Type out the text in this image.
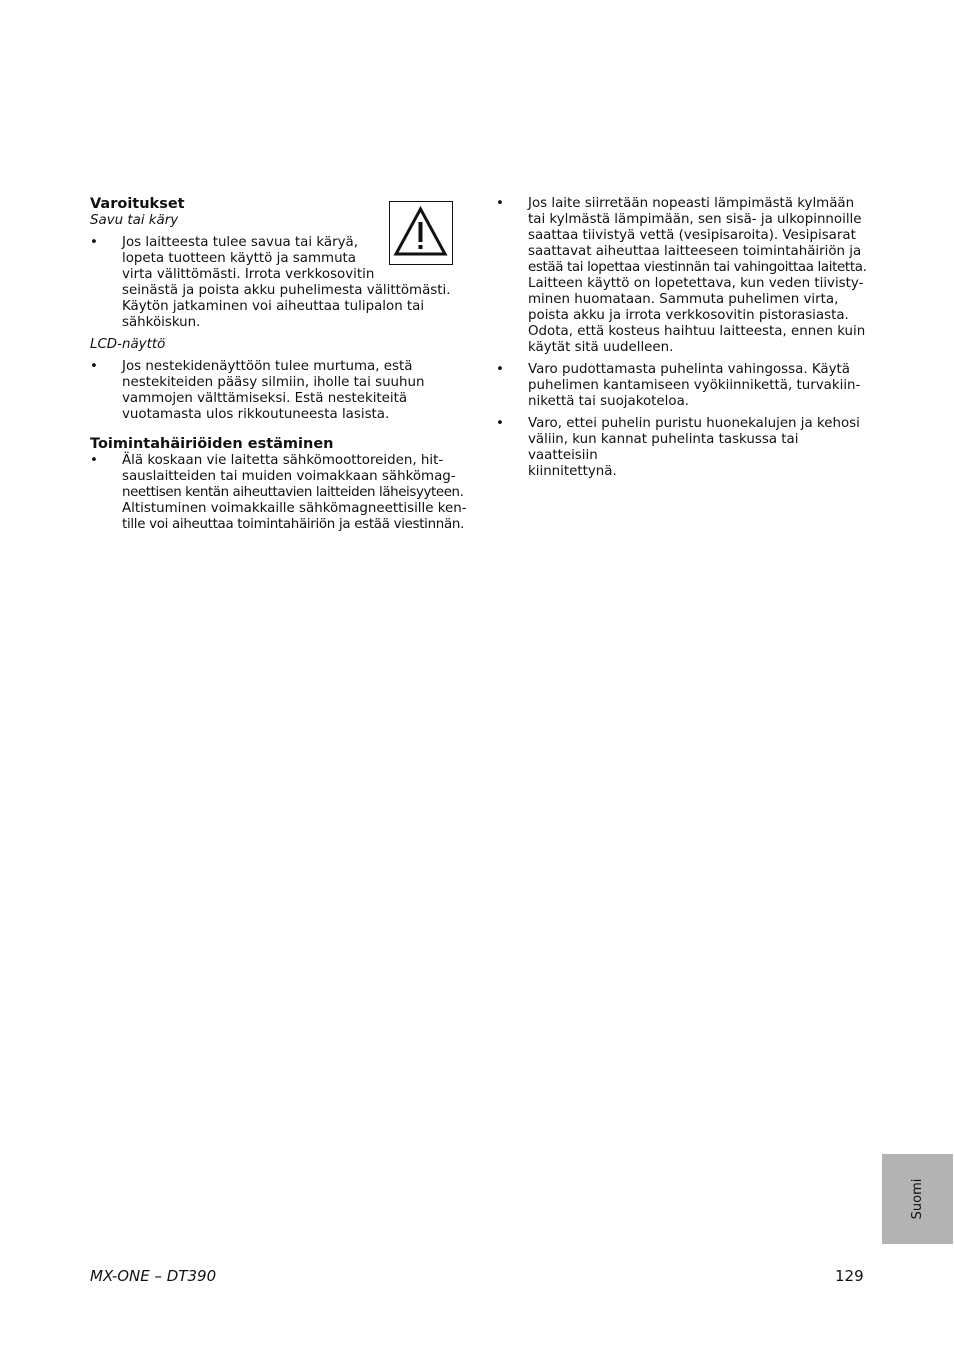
Varoitukset
Savu tai käry
• Jos laitteesta tulee savua tai käryä,
lopeta tuotteen käyttö ja sammuta
virta välittömästi. Irrota verkkosovitin
seinästä ja poista akku puhelimesta välittömästi.
Käytön jatkaminen voi aiheuttaa tulipalon tai
sähköiskun.
LCD-näyttö
• Jos nestekidenäyttöön tulee murtuma, estä
nestekiteiden pääsy silmiin, iholle tai suuhun
vammojen välttämiseksi. Estä nestekiteitä
vuotamasta ulos rikkoutuneesta lasista.
Toimintahäiriöiden estäminen
• Älä koskaan vie laitetta sähkömoottoreiden, hit-
sauslaitteiden tai muiden voimakkaan sähkömag-
neettisen kentän aiheuttavien laitteiden läheisyyteen.
Altistuminen voimakkaille sähkömagneettisille ken-
tille voi aiheuttaa toimintahäiriön ja estää viestinnän.
• Jos laite siirretään nopeasti lämpimästä kylmään
tai kylmästä lämpimään, sen sisä- ja ulkopinnoille
saattaa tiivistyä vettä (vesipisaroita). Vesipisarat
saattavat aiheuttaa laitteeseen toimintahäiriön ja
estää tai lopettaa viestinnän tai vahingoittaa laitetta.
Laitteen käyttö on lopetettava, kun veden tiivisty-
minen huomataan. Sammuta puhelimen virta,
poista akku ja irrota verkkosovitin pistorasiasta.
Odota, että kosteus haihtuu laitteesta, ennen kuin
käytät sitä uudelleen.
• Varo pudottamasta puhelinta vahingossa. Käytä
puhelimen kantamiseen vyökiinnikettä, turvakiin-
nikettä tai suojakoteloa.
• Varo, ettei puhelin puristu huonekalujen ja kehosi
väliin, kun kannat puhelinta taskussa tai vaatteisiin
kiinnitettynä.
Suomi
MX-ONE – DT390	129
